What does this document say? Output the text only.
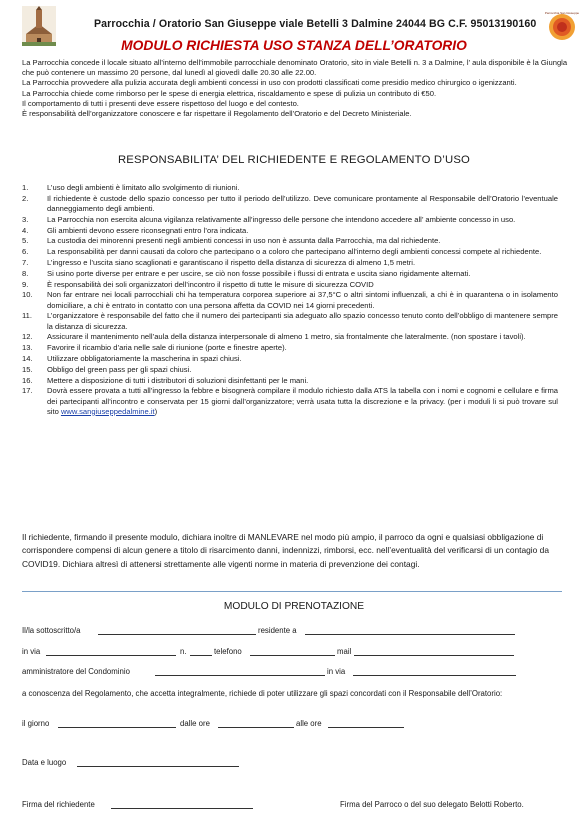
Parrocchia / Oratorio San Giuseppe viale Betelli 3 Dalmine 24044 BG C.F. 95013190160
Parrocchia San Giuseppe
MODULO RICHIESTA USO STANZA DELL’ORATORIO

La Parrocchia concede il locale situato all’interno dell’immobile parrocchiale denominato Oratorio, sito in viale Betelli n. 3 a Dalmine, l’ aula disponibile è la Giungla che può contenere un massimo 20 persone, dal lunedì al giovedì dalle 20.30 alle 22.00.

La Parrocchia provvedere alla pulizia accurata degli ambienti concessi in uso con prodotti classificati come presidio medico chirurgico o igenizzanti.

La Parrocchia chiede come rimborso per le spese di energia elettrica, riscaldamento e spese di pulizia un contributo di €50.

Il comportamento di tutti i presenti deve essere rispettoso del luogo e del contesto.

È responsabilità dell’organizzatore conoscere e far rispettare il Regolamento dell’Oratorio e del Decreto Ministeriale.

RESPONSABILITA’ DEL RICHIEDENTE E REGOLAMENTO D’USO
1.	L’uso degli ambienti è limitato allo svolgimento di riunioni.
2.	Il richiedente è custode dello spazio concesso per tutto il periodo dell’utilizzo. Deve comunicare prontamente al Responsabile dell’Oratorio l’eventuale danneggiamento degli ambienti.
3.	La Parrocchia non esercita alcuna vigilanza relativamente all’ingresso delle persone che intendono accedere all’ ambiente concesso in uso.
4.	Gli ambienti devono essere riconsegnati entro l’ora indicata.
5.	La custodia dei minorenni presenti negli ambienti concessi in uso non è assunta dalla Parrocchia, ma dal richiedente.
6.	La responsabilità per danni causati da coloro che partecipano o a coloro che partecipano all’interno degli ambienti concessi compete al richiedente.
7.	L’ingresso e l’uscita siano scaglionati e garantiscano il rispetto della distanza di sicurezza di almeno 1,5 metri.
8.	Si usino porte diverse per entrare e per uscire, se ciò non fosse possibile i flussi di entrata e uscita siano rigidamente alternati.
9.	È responsabilità dei soli organizzatori dell’incontro il rispetto di tutte le misure di sicurezza COVID
10.	Non far entrare nei locali parrocchiali chi ha temperatura corporea superiore ai 37,5°C o altri sintomi influenzali, a chi è in quarantena o in isolamento domiciliare, a chi è entrato in contatto con una persona affetta da COVID nei 14 giorni precedenti.
11.	L’organizzatore è responsabile del fatto che il numero dei partecipanti sia adeguato allo spazio concesso tenuto conto dell’obbligo di mantenere sempre la distanza di sicurezza.
12.	Assicurare il mantenimento nell’aula della distanza interpersonale di almeno 1 metro, sia frontalmente che lateralmente. (non spostare i tavoli).
13.	Favorire il ricambio d’aria nelle sale di riunione (porte e finestre aperte).
14.	Utilizzare obbligatoriamente la mascherina in spazi chiusi.
15.	Obbligo del green pass per gli spazi chiusi.
16.	Mettere a disposizione di tutti i distributori di soluzioni disinfettanti per le mani.
17.	Dovrà essere provata a tutti all’ingresso la febbre e bisognerà compilare il modulo richiesto dalla ATS la tabella con i nomi e cognomi e cellulare e firma dei partecipanti all’incontro e conservata per 15 giorni dall’organizzatore; verrà usata tutta la discrezione e la privacy. (per i moduli li si può trovare sul sito www.sangiuseppedalmine.it)
Il richiedente, firmando il presente modulo, dichiara inoltre di MANLEVARE nel modo più ampio, il parroco da ogni e qualsiasi obbligazione di corrispondere compensi di alcun genere a titolo di risarcimento danni, indennizzi, rimborsi, ecc. nell’eventualità del verificarsi di un contagio da COVID19. Dichiara altresì di attenersi strettamente alle vigenti norme in materia di prevenzione dei contagi.
MODULO DI PRENOTAZIONE
Il/la sottoscritto/a	residente a
in via	n.	telefono	mail
amministratore del Condominio	in via
a conoscenza del Regolamento, che accetta integralmente, richiede di poter utilizzare gli spazi concordati con il Responsabile dell’Oratorio:
il giorno	dalle ore	alle ore
Data e luogo
Firma del richiedente	Firma del Parroco o del suo delegato Belotti Roberto.
